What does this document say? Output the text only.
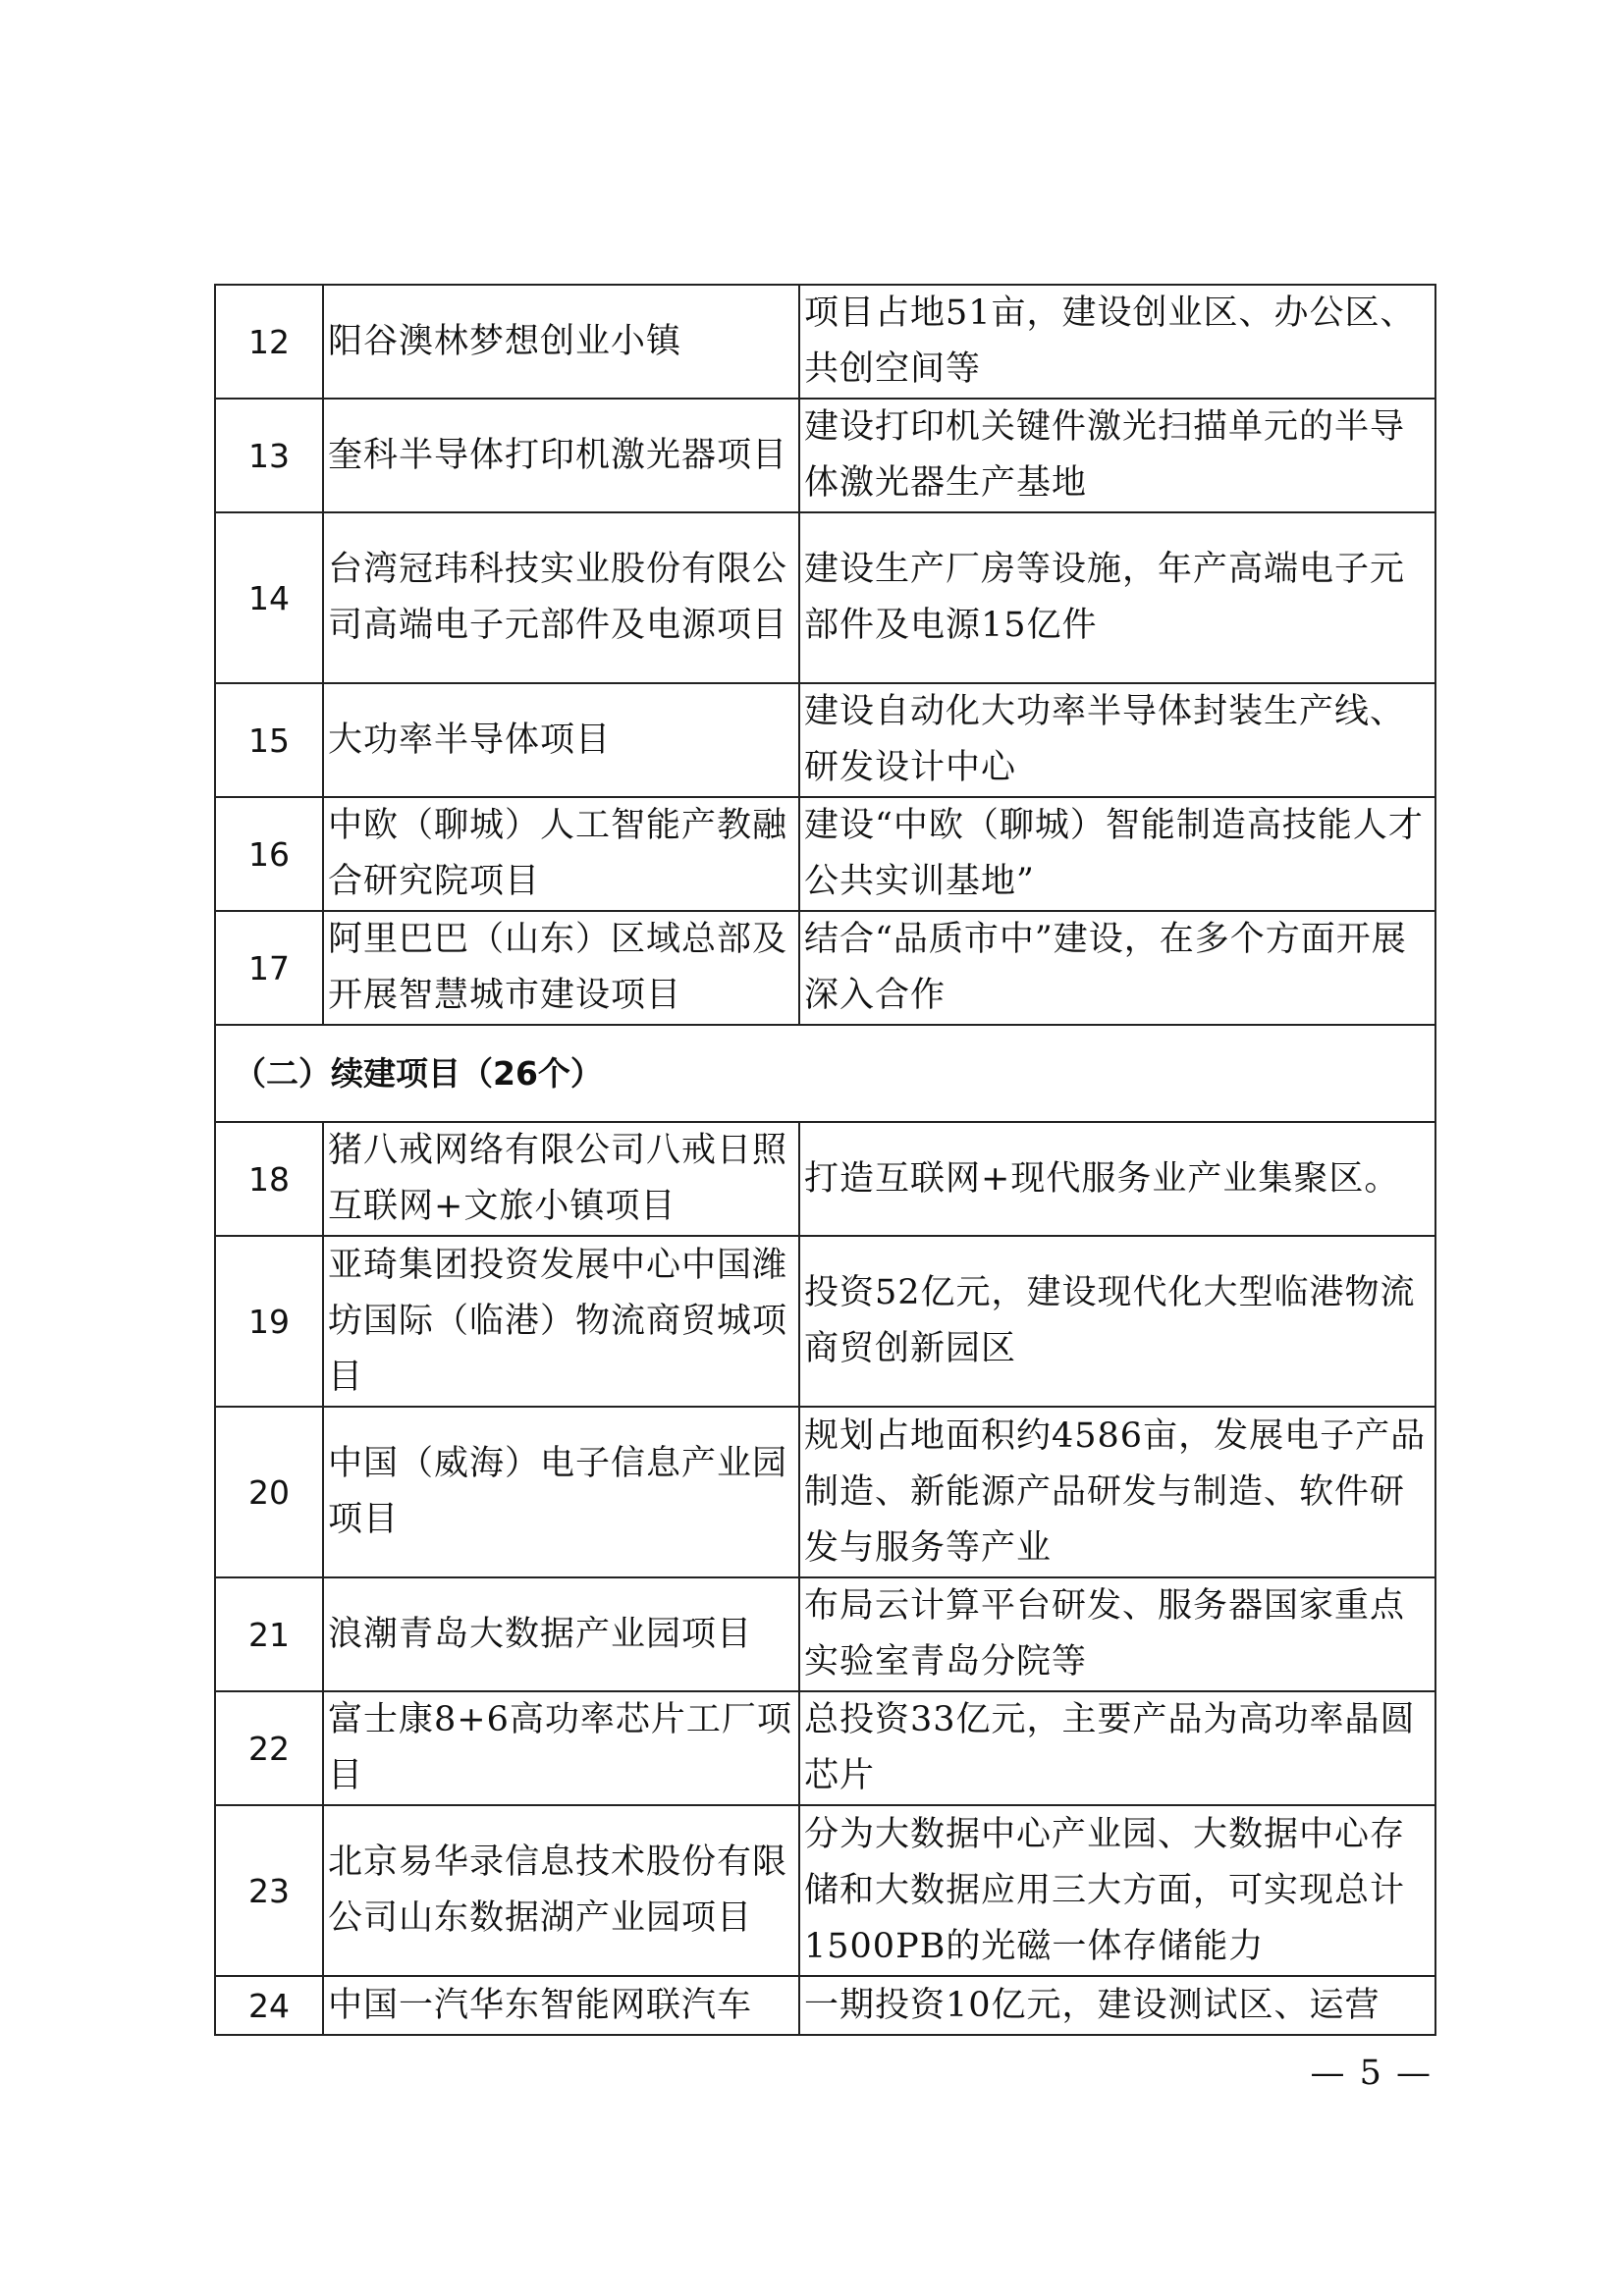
12	阳谷澳林梦想创业小镇	项目占地51亩，建设创业区、办公区、共创空间等
13	奎科半导体打印机激光器项目	建设打印机关键件激光扫描单元的半导体激光器生产基地
14	台湾冠玮科技实业股份有限公司高端电子元部件及电源项目	建设生产厂房等设施，年产高端电子元部件及电源15亿件
15	大功率半导体项目	建设自动化大功率半导体封装生产线、研发设计中心
16	中欧（聊城）人工智能产教融合研究院项目	建设“中欧（聊城）智能制造高技能人才公共实训基地”
17	阿里巴巴（山东）区域总部及开展智慧城市建设项目	结合“品质市中”建设，在多个方面开展深入合作
（二）续建项目（26个）		
18	猪八戒网络有限公司八戒日照互联网+文旅小镇项目	打造互联网+现代服务业产业集聚区。
19	亚琦集团投资发展中心中国潍坊国际（临港）物流商贸城项目	投资52亿元，建设现代化大型临港物流商贸创新园区
20	中国（威海）电子信息产业园项目	规划占地面积约4586亩，发展电子产品制造、新能源产品研发与制造、软件研发与服务等产业
21	浪潮青岛大数据产业园项目	布局云计算平台研发、服务器国家重点实验室青岛分院等
22	富士康8+6高功率芯片工厂项目	总投资33亿元，主要产品为高功率晶圆芯片
23	北京易华录信息技术股份有限公司山东数据湖产业园项目	分为大数据中心产业园、大数据中心存储和大数据应用三大方面，可实现总计1500PB的光磁一体存储能力
24	中国一汽华东智能网联汽车	一期投资10亿元，建设测试区、运营
— 5 —
